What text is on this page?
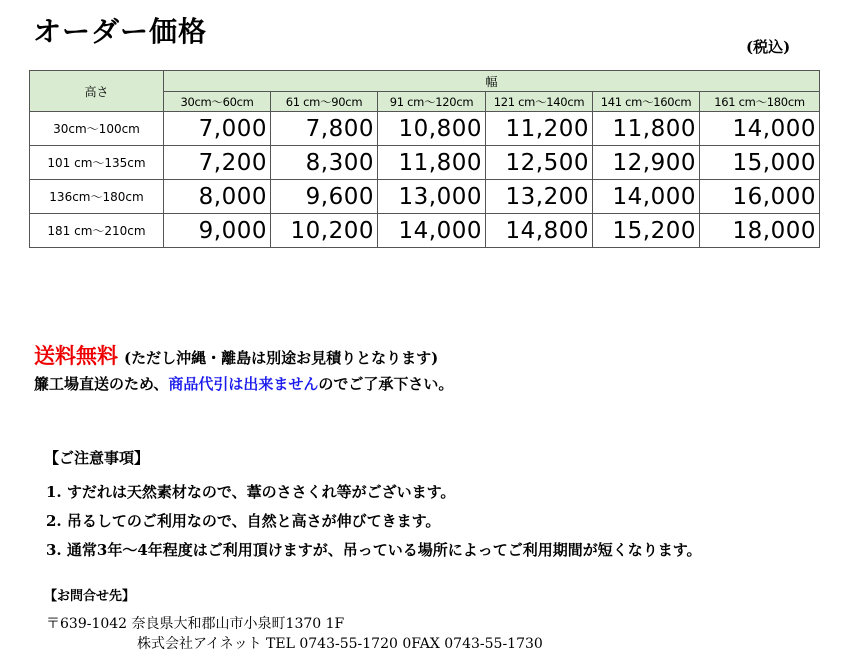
オーダー価格	(税込)
高さ	幅					
	30cm〜60cm	61 cm〜90cm	91 cm〜120cm	121 cm〜140cm	141 cm〜160cm	161 cm〜180cm
30cm〜100cm	7,000	7,800	10,800	11,200	11,800	14,000
101 cm〜135cm	7,200	8,300	11,800	12,500	12,900	15,000
136cm〜180cm	8,000	9,600	13,000	13,200	14,000	16,000
181 cm〜210cm	9,000	10,200	14,000	14,800	15,200	18,000
送料無料 (ただし沖縄・離島は別途お見積りとなります)
簾工場直送のため、商品代引は出来ませんのでご了承下さい。
【ご注意事項】
1. すだれは天然素材なので、葦のささくれ等がございます。
2. 吊るしてのご利用なので、自然と高さが伸びてきます。
3. 通常3年〜4年程度はご利用頂けますが、吊っている場所によってご利用期間が短くなります。
【お問合せ先】
〒639-1042 奈良県大和郡山市小泉町1370 1F
株式会社アイネット TEL 0743-55-1720 0FAX 0743-55-1730
